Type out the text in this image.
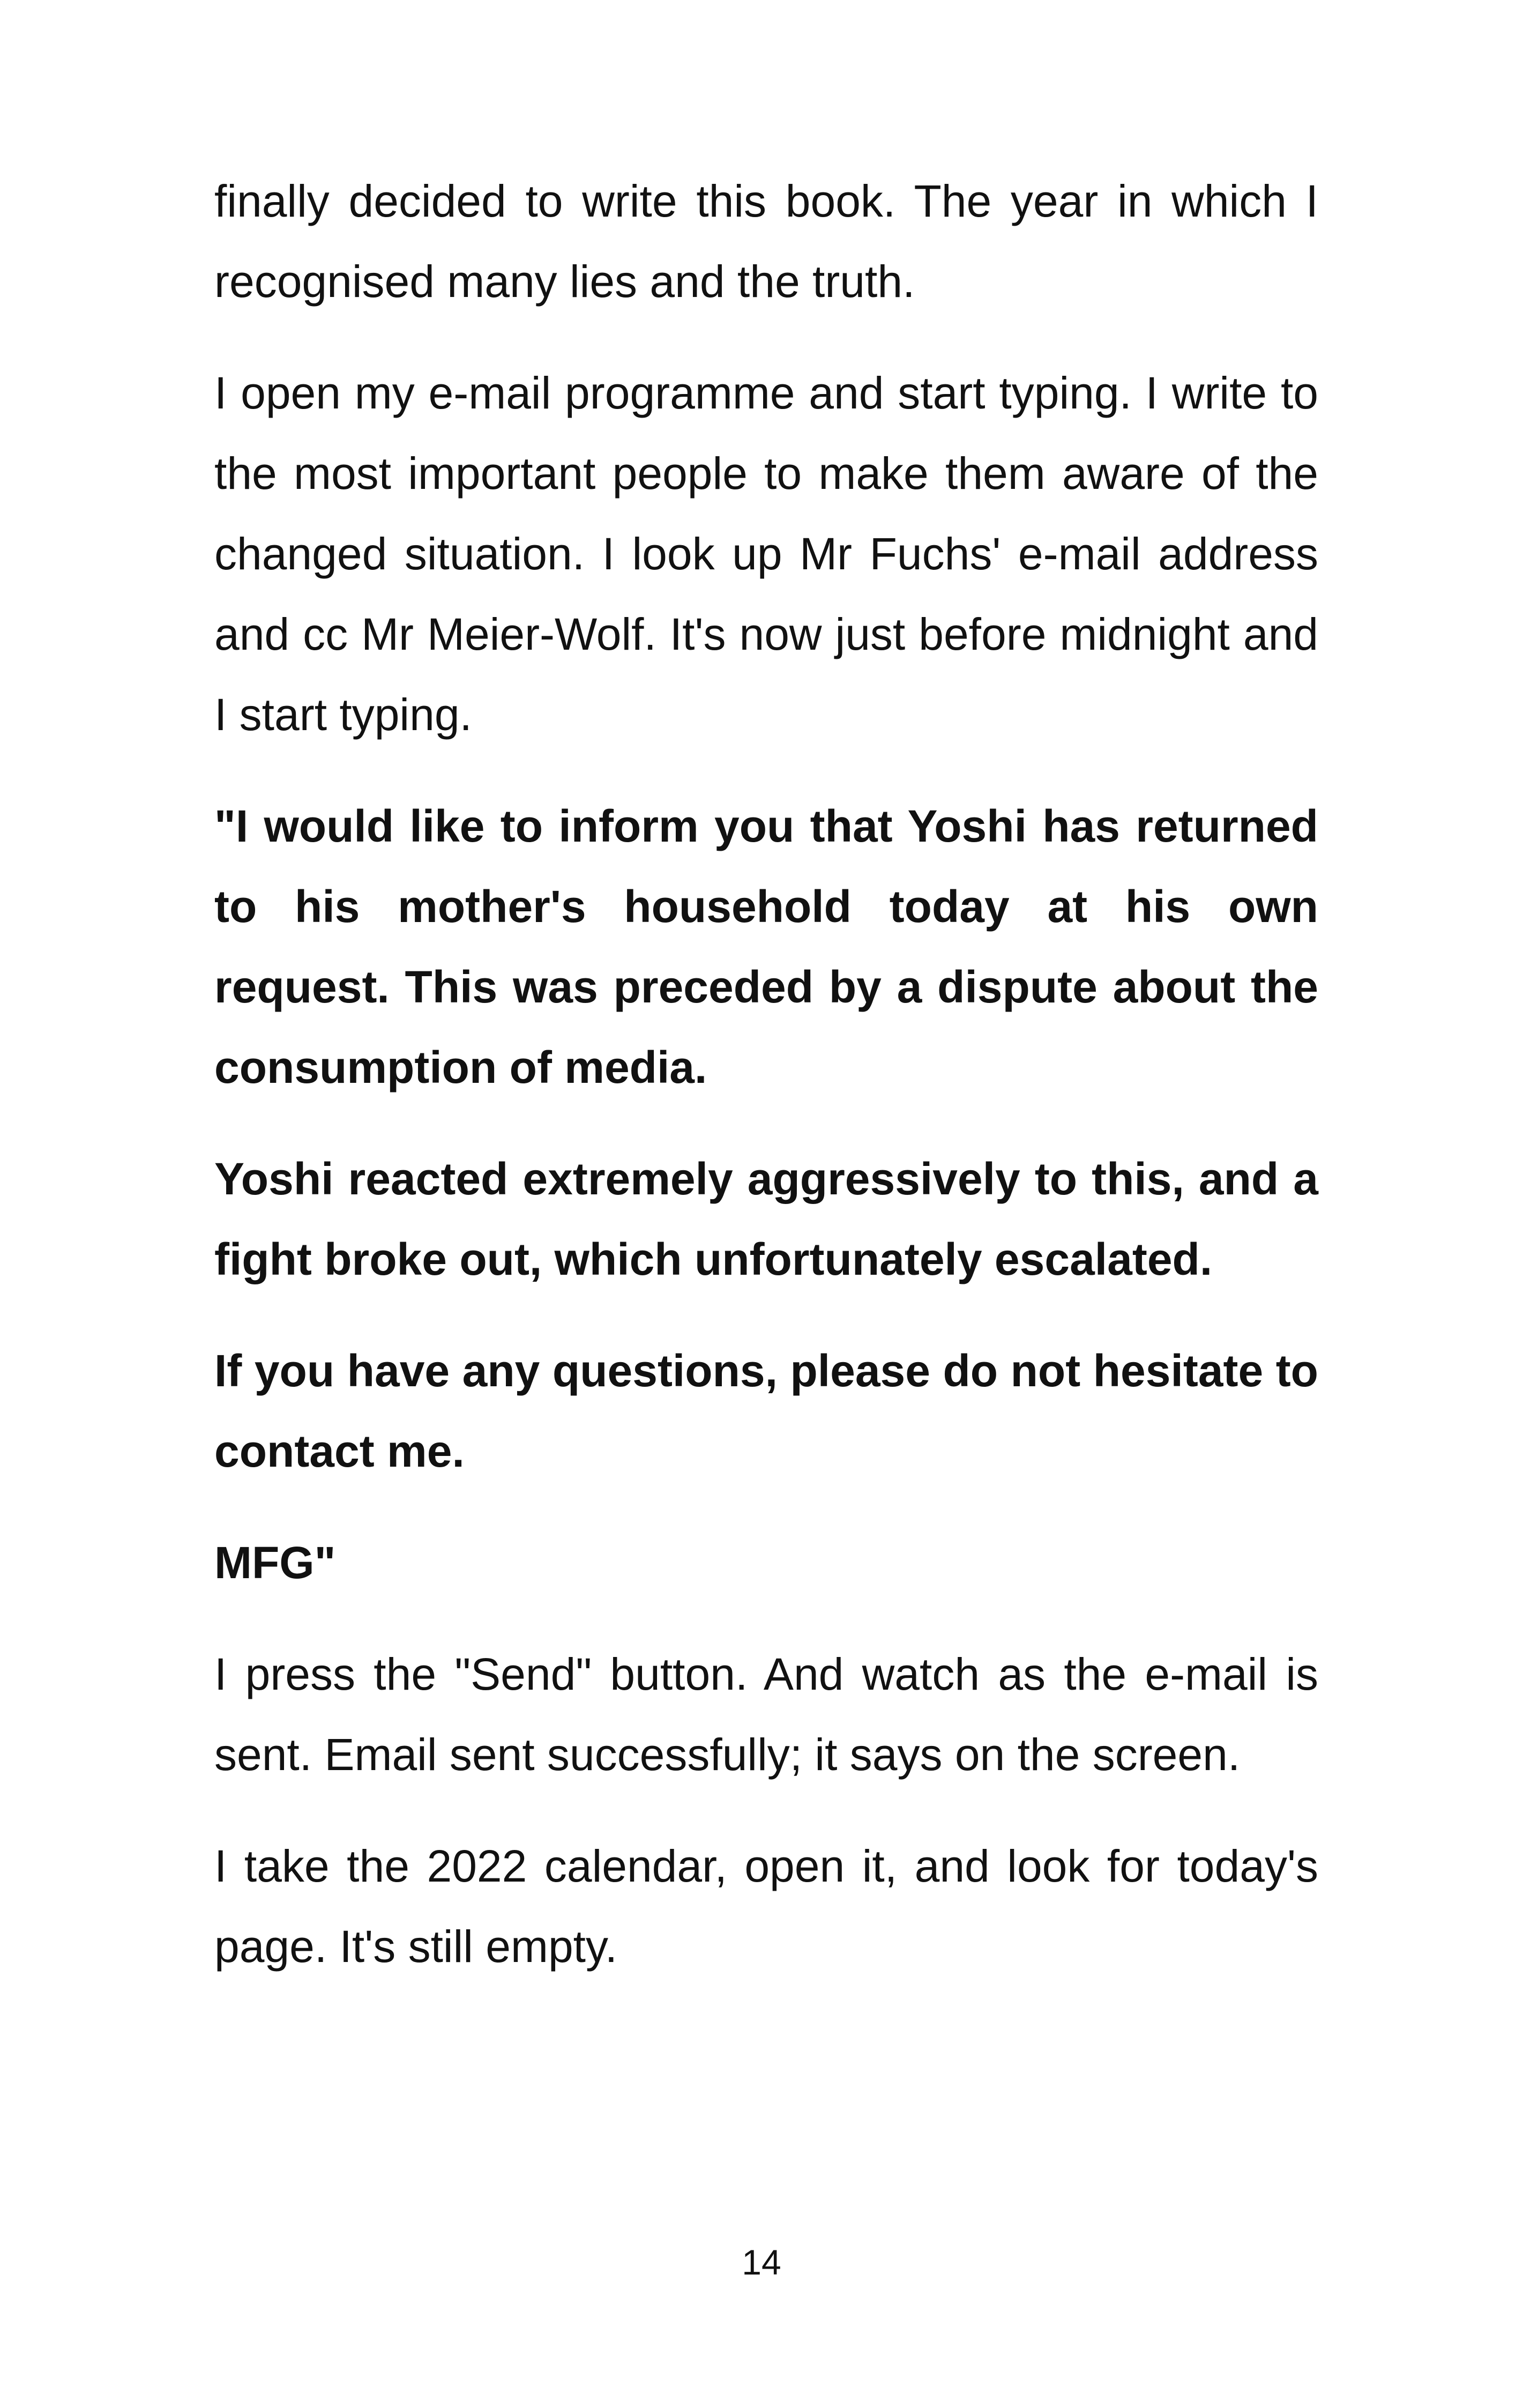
finally decided to write this book. The year in which I recognised many lies and the truth.

I open my e-mail programme and start typing. I write to the most important people to make them aware of the changed situation. I look up Mr Fuchs' e-mail address and cc Mr Meier-Wolf. It's now just before midnight and I start typing.

"I would like to inform you that Yoshi has returned to his mother's household today at his own request. This was preceded by a dispute about the consumption of media.

Yoshi reacted extremely aggressively to this, and a fight broke out, which unfortunately escalated.

If you have any questions, please do not hesitate to contact me.

MFG"

I press the "Send" button. And watch as the e-mail is sent. Email sent successfully; it says on the screen.

I take the 2022 calendar, open it, and look for today's page. It's still empty.

14
